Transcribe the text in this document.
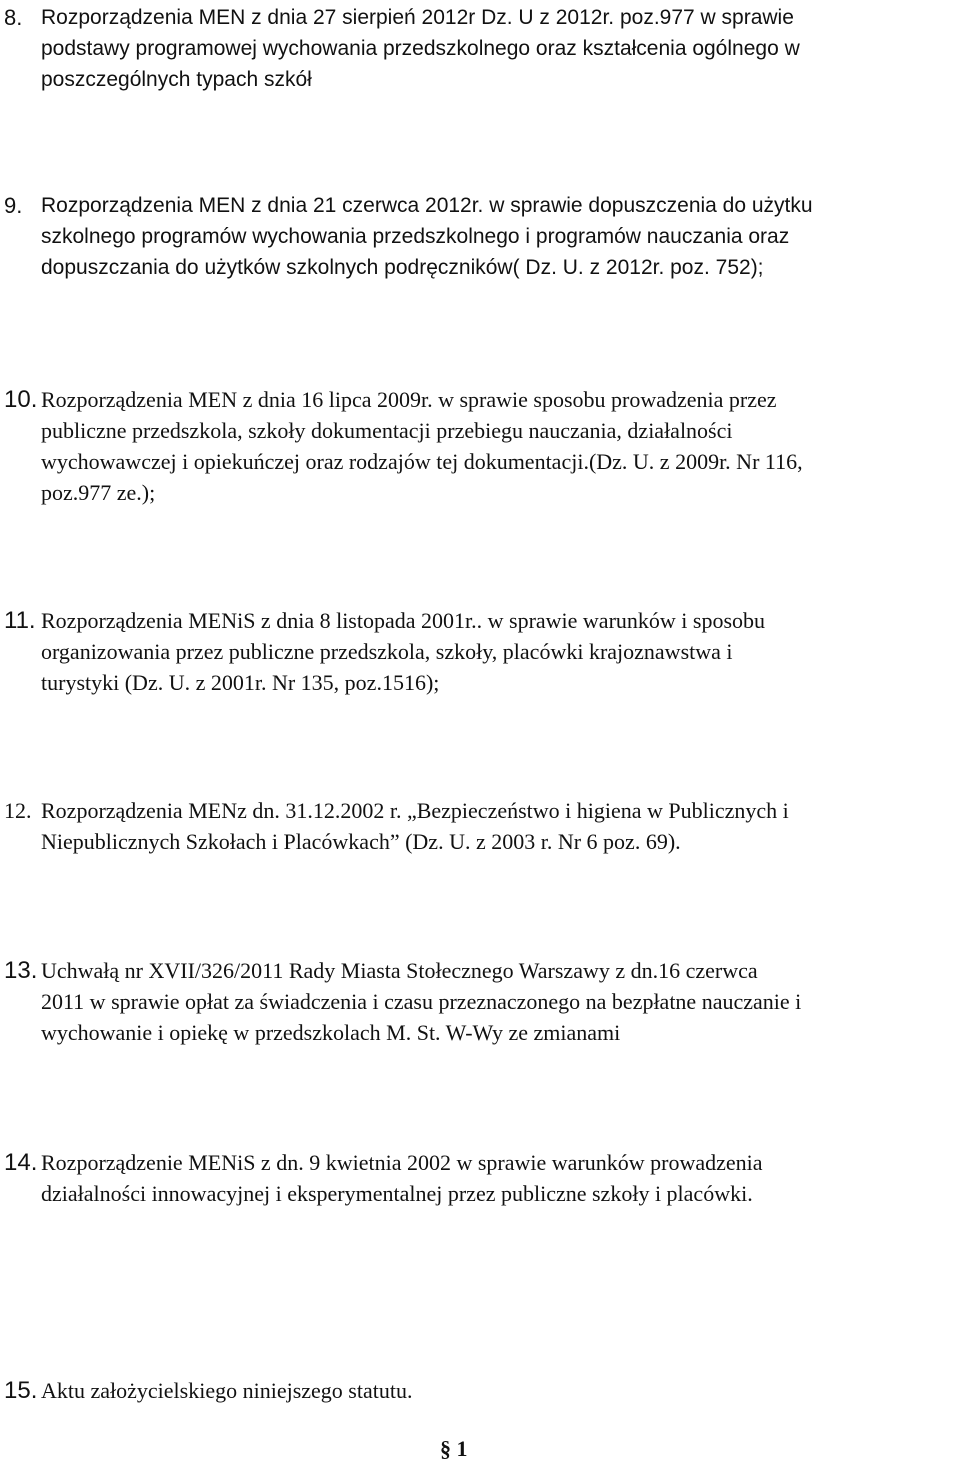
8. Rozporządzenia MEN z dnia 27 sierpień 2012r Dz. U z 2012r. poz.977 w sprawie
podstawy programowej wychowania przedszkolnego oraz kształcenia ogólnego w
poszczególnych typach szkół
9. Rozporządzenia MEN z dnia 21 czerwca 2012r. w sprawie dopuszczenia do użytku
szkolnego programów wychowania przedszkolnego i programów nauczania oraz
dopuszczania do użytków szkolnych podręczników( Dz. U. z 2012r. poz. 752);
10. Rozporządzenia MEN z dnia 16 lipca 2009r. w sprawie sposobu prowadzenia przez
publiczne przedszkola, szkoły dokumentacji przebiegu nauczania, działalności
wychowawczej i opiekuńczej oraz rodzajów tej dokumentacji.(Dz. U. z 2009r. Nr 116,
poz.977 ze.);
11. Rozporządzenia MENiS z dnia 8 listopada 2001r.. w sprawie warunków i sposobu
organizowania przez publiczne przedszkola, szkoły, placówki krajoznawstwa i
turystyki (Dz. U. z 2001r. Nr 135, poz.1516);
12. Rozporządzenia MENz dn. 31.12.2002 r. „Bezpieczeństwo i higiena w Publicznych i
Niepublicznych Szkołach i Placówkach” (Dz. U. z 2003 r. Nr 6 poz. 69).
13. Uchwałą nr XVII/326/2011 Rady Miasta Stołecznego Warszawy z dn.16 czerwca
2011 w sprawie opłat za świadczenia i czasu przeznaczonego na bezpłatne nauczanie i
wychowanie i opiekę w przedszkolach M. St. W-Wy ze zmianami
14. Rozporządzenie MENiS z dn. 9 kwietnia 2002 w sprawie warunków prowadzenia
działalności innowacyjnej i eksperymentalnej przez publiczne szkoły i placówki.
15. Aktu założycielskiego niniejszego statutu.
§ 1
